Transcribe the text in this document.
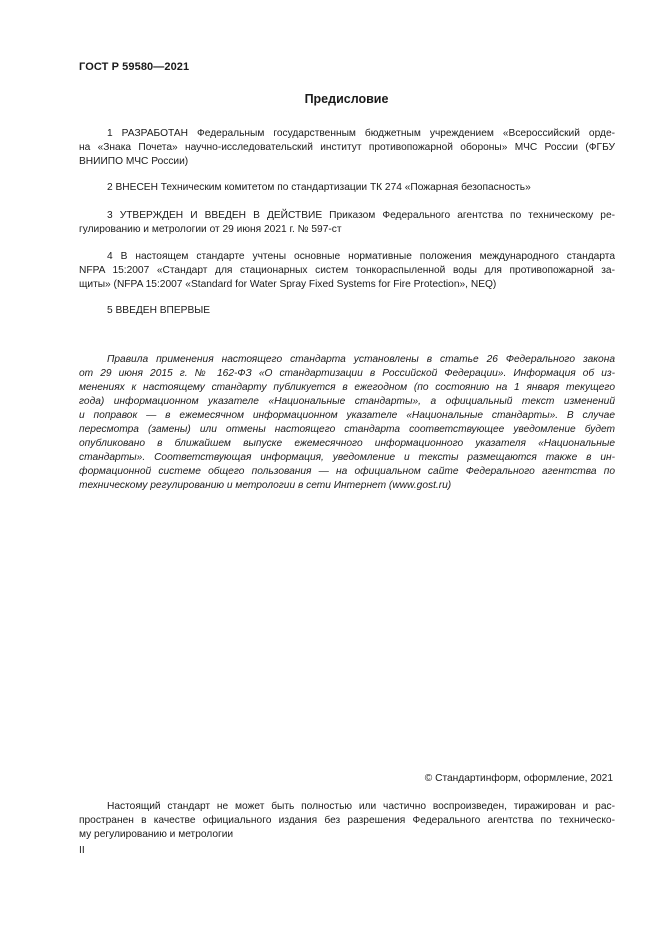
ГОСТ Р 59580—2021
Предисловие
1 РАЗРАБОТАН Федеральным государственным бюджетным учреждением «Всероссийский орде-
на «Знака Почета» научно-исследовательский институт противопожарной обороны» МЧС России (ФГБУ
ВНИИПО МЧС России)
2 ВНЕСЕН Техническим комитетом по стандартизации ТК 274 «Пожарная безопасность»
3 УТВЕРЖДЕН И ВВЕДЕН В ДЕЙСТВИЕ Приказом Федерального агентства по техническому ре-
гулированию и метрологии от 29 июня 2021 г. № 597-ст
4 В настоящем стандарте учтены основные нормативные положения международного стандарта
NFPA 15:2007 «Стандарт для стационарных систем тонкораспыленной воды для противопожарной за-
щиты» (NFPA 15:2007 «Standard for Water Spray Fixed Systems for Fire Protection», NEQ)
5 ВВЕДЕН ВПЕРВЫЕ
Правила применения настоящего стандарта установлены в статье 26 Федерального закона
от 29 июня 2015 г. № 162-ФЗ «О стандартизации в Российской Федерации». Информация об из-
менениях к настоящему стандарту публикуется в ежегодном (по состоянию на 1 января текущего
года) информационном указателе «Национальные стандарты», а официальный текст изменений
и поправок — в ежемесячном информационном указателе «Национальные стандарты». В случае
пересмотра (замены) или отмены настоящего стандарта соответствующее уведомление будет
опубликовано в ближайшем выпуске ежемесячного информационного указателя «Национальные
стандарты». Соответствующая информация, уведомление и тексты размещаются также в ин-
формационной системе общего пользования — на официальном сайте Федерального агентства по
техническому регулированию и метрологии в сети Интернет (www.gost.ru)
© Стандартинформ, оформление, 2021
Настоящий стандарт не может быть полностью или частично воспроизведен, тиражирован и рас-
пространен в качестве официального издания без разрешения Федерального агентства по техническо-
му регулированию и метрологии
II
